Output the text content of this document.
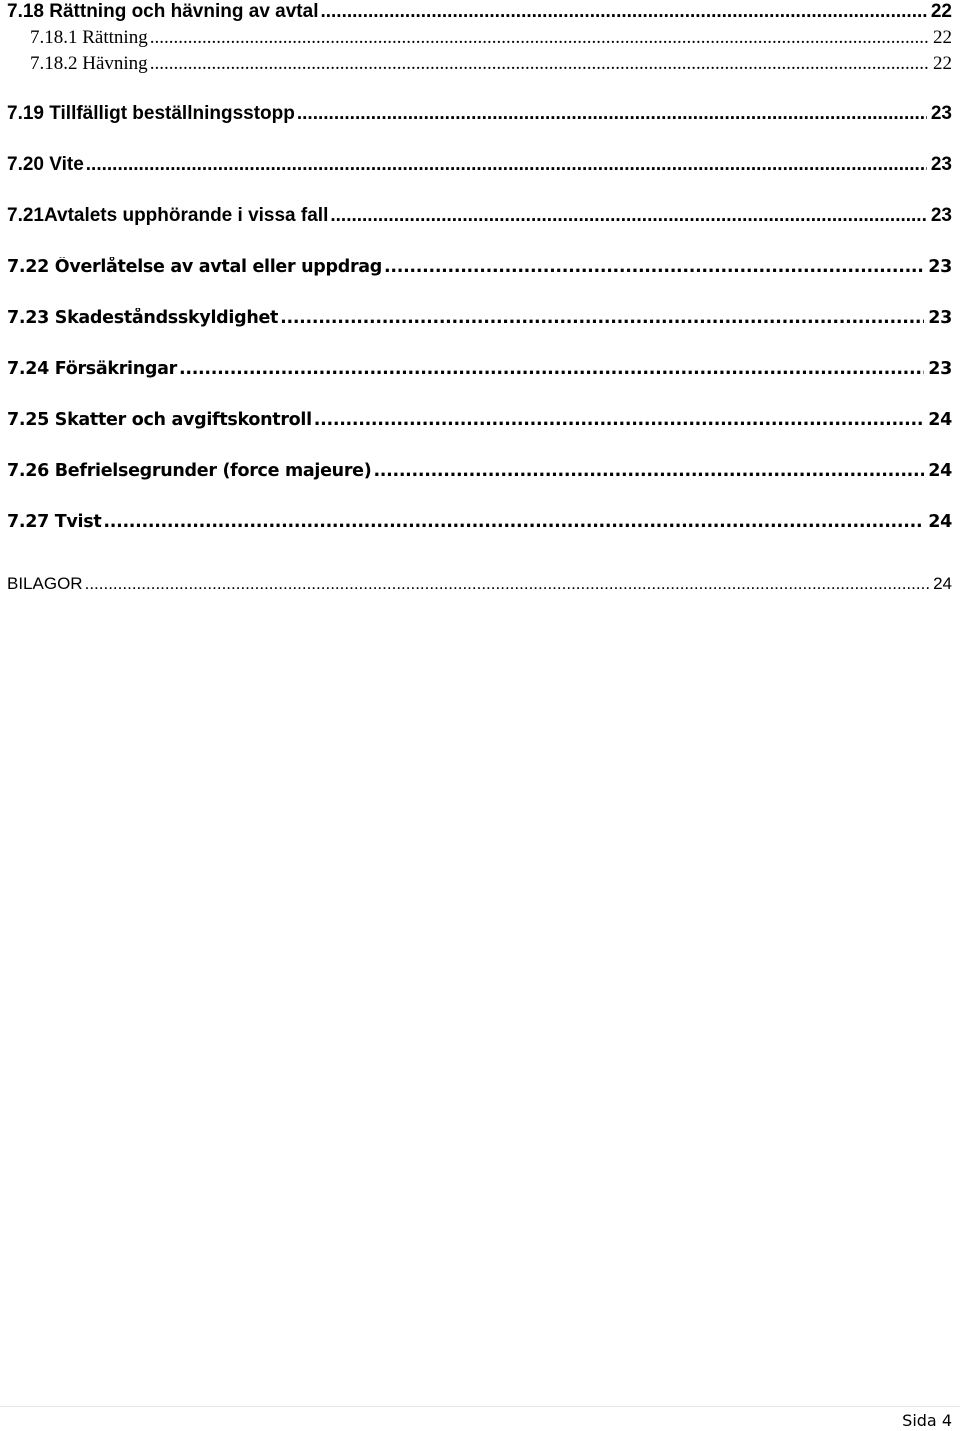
7.18 Rättning och hävning av avtal .....	22
7.18.1 Rättning .....	22
7.18.2 Hävning .....	22
7.19 Tillfälligt beställningsstopp .....	23
7.20 Vite .....	23
7.21Avtalets upphörande i vissa fall .....	23
7.22 Överlåtelse av avtal eller uppdrag .....	23
7.23 Skadeståndsskyldighet .....	23
7.24 Försäkringar .....	23
7.25 Skatter och avgiftskontroll .....	24
7.26 Befrielsegrunder (force majeure) .....	24
7.27 Tvist .....	24
BILAGOR .....	24
Sida 4
